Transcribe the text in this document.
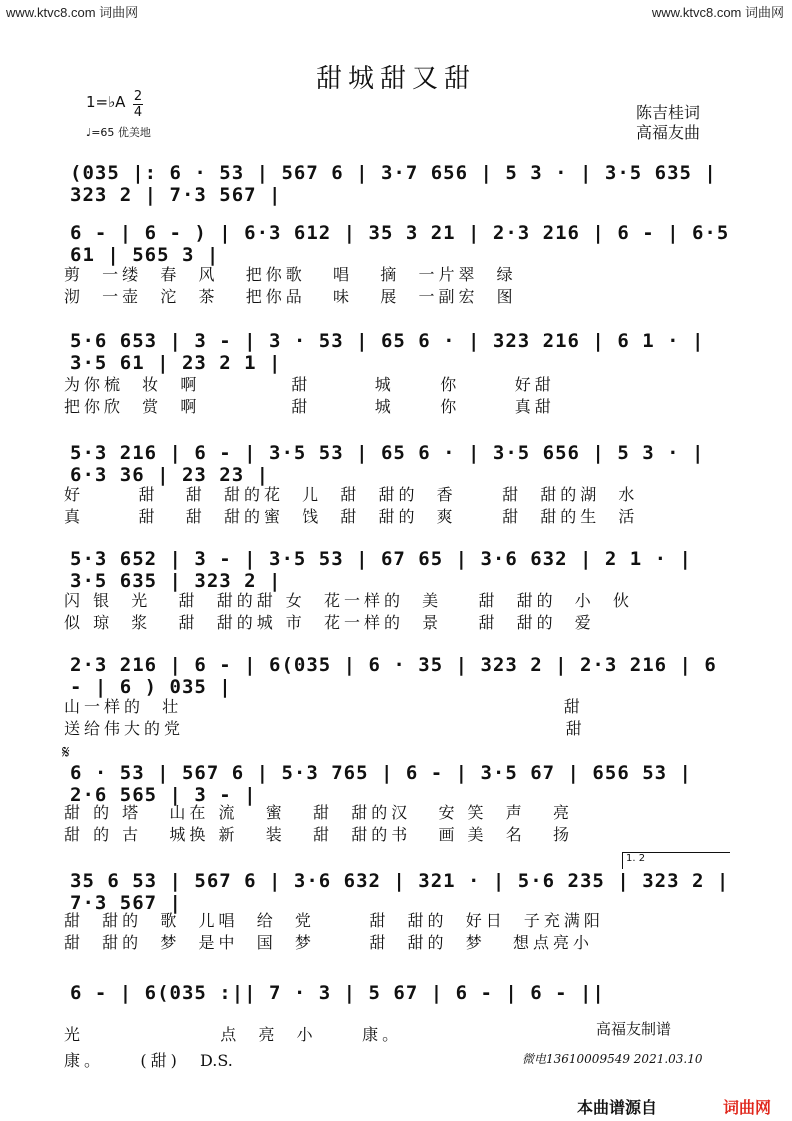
www.ktvc8.com 词曲网	www.ktvc8.com 词曲网
甜城甜又甜
1=♭A 2
4
♩=65 优美地
陈吉桂词
高福友曲
(035 |: 6 · 53 | 567 6 | 3·7 656 | 5 3 · | 3·5 635 | 323 2 | 7·3 567 |
6 - | 6 - ) | 6·3 612 | 35 3 21 | 2·3 216 | 6 - | 6·5 61 | 565 3 |
剪  一缕  春  风   把你歌   唱   摘  一片翠  绿
沏  一壶  沱  茶   把你品   味   展  一副宏  图
5·6 653 | 3 - | 3 · 53 | 65 6 · | 323 216 | 6 1 · | 3·5 61 | 23 2 1 |
为你梳  妆  啊          甜       城     你      好甜
把你欣  赏  啊          甜       城     你      真甜
5·3 216 | 6 - | 3·5 53 | 65 6 · | 3·5 656 | 5 3 · | 6·3 36 | 23 23 |
好      甜   甜  甜的花  儿  甜  甜的  香     甜  甜的湖  水
真      甜   甜  甜的蜜  饯  甜  甜的  爽     甜  甜的生  活
5·3 652 | 3 - | 3·5 53 | 67 65 | 3·6 632 | 2 1 · | 3·5 635 | 323 2 |
闪 银  光   甜  甜的甜 女  花一样的  美    甜  甜的  小  伙
似 琼  浆   甜  甜的城 市  花一样的  景    甜  甜的  爱
2·3 216 | 6 - | 6(035 | 6 · 35 | 323 2 | 2·3 216 | 6 - | 6 ) 035 |
山一样的  壮                                          甜
送给伟大的党                                          甜
𝄋
6 · 53 | 567 6 | 5·3 765 | 6 - | 3·5 67 | 656 53 | 2·6 565 | 3 - |
甜 的 塔   山在 流   蜜   甜  甜的汉   安 笑  声   亮
甜 的 古   城换 新   装   甜  甜的书   画 美  名   扬
1. 2
35 6 53 | 567 6 | 3·6 632 | 321 · | 5·6 235 | 323 2 | 7·3 567 |
甜  甜的  歌  儿唱  给  党      甜  甜的  好日  子充满阳
甜  甜的  梦  是中  国  梦      甜  甜的  梦   想点亮小
6 - | 6(035 :|| 7 · 3 | 5 67 | 6 - | 6 - ||
光               点  亮  小     康。
康。    (甜)	D.S.
高福友制谱
微电13610009549 2021.03.10
本曲谱源自	词曲网
